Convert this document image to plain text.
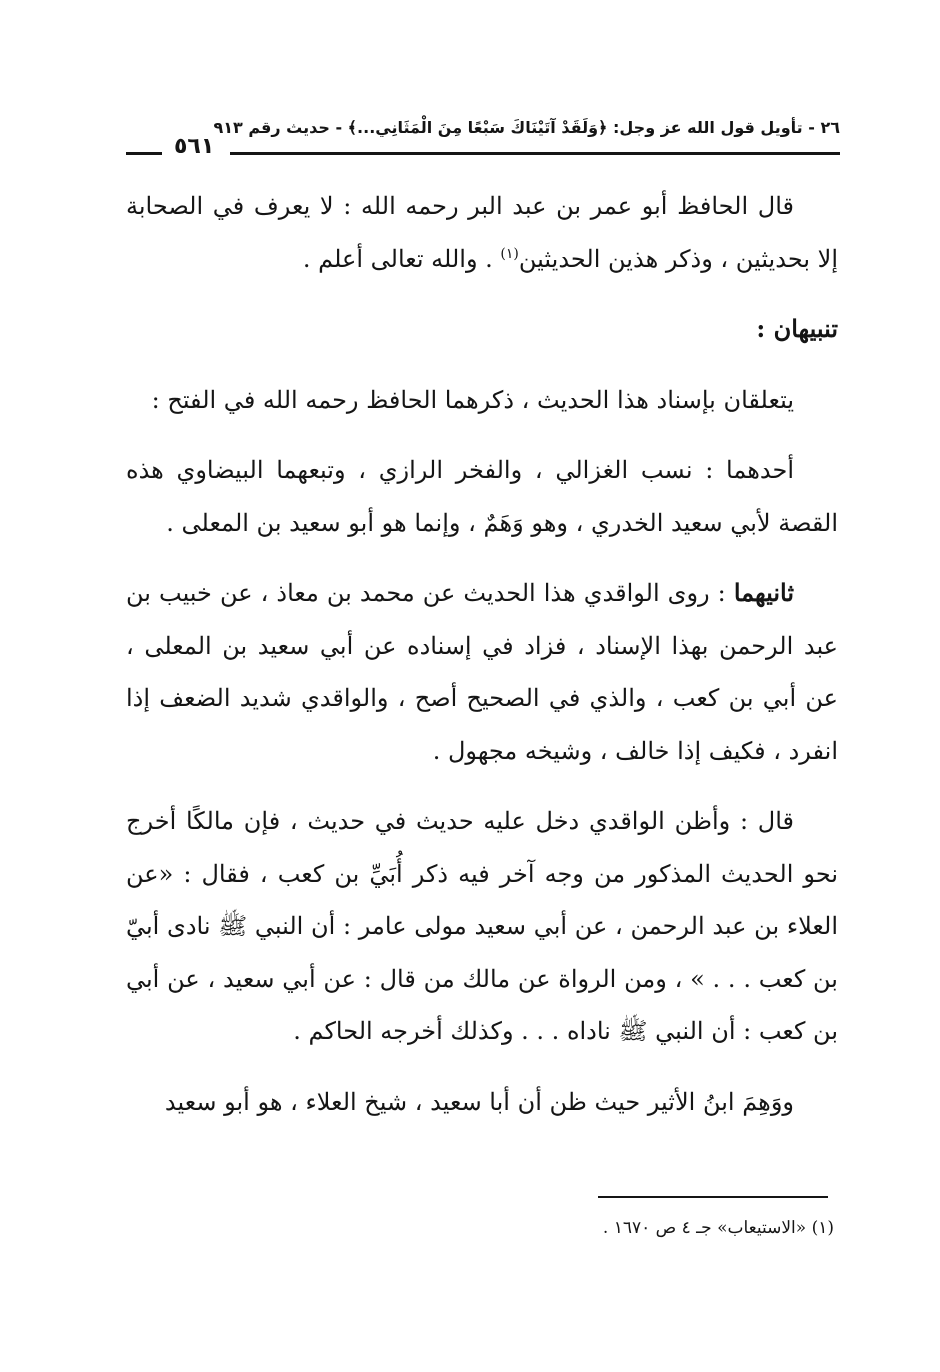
٢٦ - تأويل قول الله عز وجل: ﴿وَلَقَدْ آتَيْنَاكَ سَبْعًا مِنَ الْمَثَانِي...﴾ - حديث رقم ٩١٣
٥٦١

قال الحافظ أبو عمر بن عبد البر رحمه الله : لا يعرف في الصحابة إلا بحديثين ، وذكر هذين الحديثين$^{(١)}$ . والله تعالى أعلم .

تنبيهان :

يتعلقان بإسناد هذا الحديث ، ذكرهما الحافظ رحمه الله في الفتح :

أحدهما : نسب الغزالي ، والفخر الرازي ، وتبعهما البيضاوي هذه القصة لأبي سعيد الخدري ، وهو وَهَمٌ ، وإنما هو أبو سعيد بن المعلى .

ثانيهما : روى الواقدي هذا الحديث عن محمد بن معاذ ، عن خبيب بن عبد الرحمن بهذا الإسناد ، فزاد في إسناده عن أبي سعيد بن المعلى ، عن أبي بن كعب ، والذي في الصحيح أصح ، والواقدي شديد الضعف إذا انفرد ، فكيف إذا خالف ، وشيخه مجهول .

قال : وأظن الواقدي دخل عليه حديث في حديث ، فإن مالكًا أخرج نحو الحديث المذكور من وجه آخر فيه ذكر أُبَيِّ بن كعب ، فقال : «عن العلاء بن عبد الرحمن ، عن أبي سعيد مولى عامر : أن النبي ﷺ نادى أبيّ بن كعب . . . » ، ومن الرواة عن مالك من قال : عن أبي سعيد ، عن أبي بن كعب : أن النبي ﷺ ناداه . . . وكذلك أخرجه الحاكم .

ووَهِمَ ابنُ الأثير حيث ظن أن أبا سعيد ، شيخ العلاء ، هو أبو سعيد

(١) «الاستيعاب» جـ ٤ ص ١٦٧٠ .
